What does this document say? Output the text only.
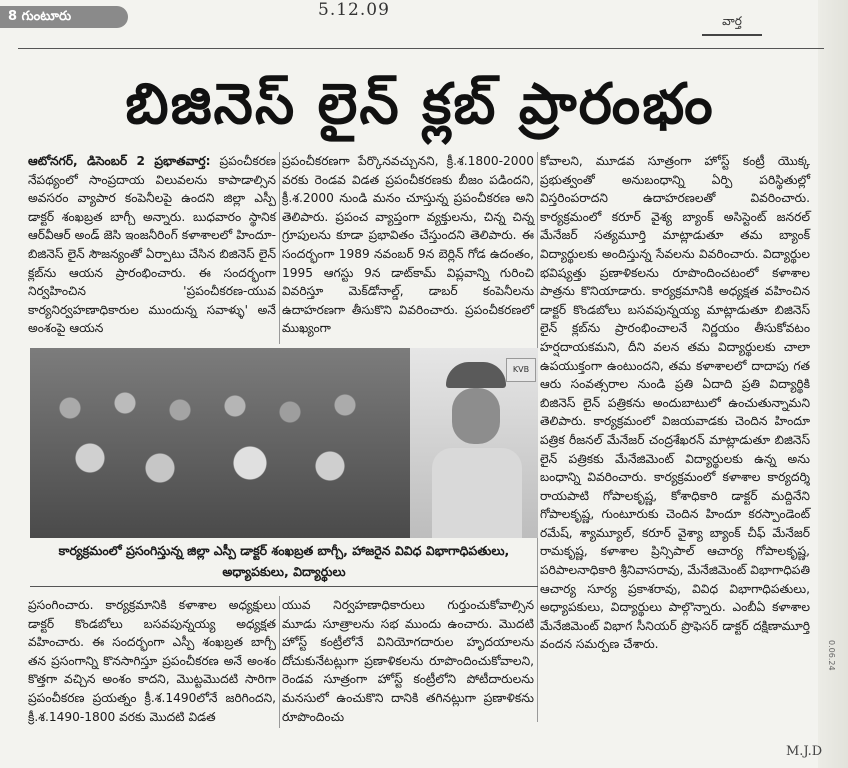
8 గుంటూరు	5.12.09
వార్త
బిజినెస్ లైన్ క్లబ్ ప్రారంభం

ఆటోనగర్, డిసెంబర్ 2 ప్రభాతవార్త: ప్రపంచీకరణ నేపథ్యంలో సాంప్రదాయ విలువలను కాపాడాల్సిన అవసరం వ్యాపార కంపెనీలపై ఉందని జిల్లా ఎస్పీ డాక్టర్ శంఖబ్రత బాగ్చీ అన్నారు. బుధవారం స్థానిక ఆర్‌వీఆర్ అండ్ జెసి ఇంజనీరింగ్ కళాశాలలో హిందూ-బిజినెస్ లైన్ సౌజన్యంతో ఏర్పాటు చేసిన బిజినెస్ లైన్ క్లబ్‌ను ఆయన ప్రారంభించారు. ఈ సందర్భంగా నిర్వహించిన 'ప్రపంచీకరణ-యువ కార్యనిర్వహణాధికారుల ముందున్న సవాళ్ళు' అనే అంశంపై ఆయన

ప్రపంచీకరణగా పేర్కొనవచ్చునని, క్రీ.శ.1800-2000 వరకు రెండవ విడత ప్రపంచీకరణకు బీజం పడిందని, క్రీ.శ.2000 నుండి మనం చూస్తున్న ప్రపంచీకరణ అని తెలిపారు. ప్రపంచ వ్యాప్తంగా వ్యక్తులను, చిన్న చిన్న గ్రూపులను కూడా ప్రభావితం చేస్తుందని తెలిపారు. ఈ సందర్భంగా 1989 నవంబర్ 9న బెర్లిన్ గోడ ఉదంతం, 1995 ఆగస్టు 9న డాట్‌కామ్ విప్లవాన్ని గురించి వివరిస్తూ మెక్‌డోనాల్డ్, డాబర్ కంపెనీలను ఉదాహరణగా తీసుకొని వివరించారు. ప్రపంచీకరణలో ముఖ్యంగా

కోవాలని, మూడవ సూత్రంగా హోస్ట్ కంట్రీ యొక్క ప్రభుత్వంతో అనుబంధాన్ని ఏర్పి పరిస్థితుల్లో విస్తరింపరాదని ఉదాహరణలతో వివరించారు. కార్యక్రమంలో కరూర్ వైశ్య బ్యాంక్ అసిస్టెంట్ జనరల్ మేనేజర్ సత్యమూర్తి మాట్లాడుతూ తమ బ్యాంక్ విద్యార్థులకు అందిస్తున్న సేవలను వివరించారు. విద్యార్థుల భవిష్యత్తు ప్రణాళికలను రూపొందించటంలో కళాశాల పాత్రను కొనియాడారు. కార్యక్రమానికి అధ్యక్షత వహించిన డాక్టర్ కొండబోలు బసవపున్నయ్య మాట్లాడుతూ బిజినెస్ లైన్ క్లబ్‌ను ప్రారంభించాలనే నిర్ణయం తీసుకోవటం హర్షదాయకమని, దీని వలన తమ విద్యార్థులకు చాలా ఉపయుక్తంగా ఉంటుందని, తమ కళాశాలలో దాదాపు గత ఆరు సంవత్సరాల నుండి ప్రతి ఏదాది ప్రతి విద్యార్థికి బిజినెస్ లైన్ పత్రికను అందుబాటులో ఉంచుతున్నామని తెలిపారు. కార్యక్రమంలో విజయవాడకు చెందిన హిందూ పత్రిక రీజనల్ మేనేజర్ చంద్రశేఖరన్ మాట్లాడుతూ బిజినెస్ లైన్ పత్రికకు మేనేజిమెంట్ విద్యార్థులకు ఉన్న అను బంధాన్ని వివరించారు. కార్యక్రమంలో కళాశాల కార్యదర్శి రాయపాటి గోపాలకృష్ణ, కోశాధికారి డాక్టర్ మద్దినేని గోపాలకృష్ణ, గుంటూరుకు చెందిన హిందూ కరస్పాండెంట్ రమేష్, శ్యామ్యూల్, కరూర్ వైశ్యా బ్యాంక్ చీఫ్ మేనేజర్ రామకృష్ణ, కళాశాల ప్రిన్సిపాల్ ఆచార్య గోపాలకృష్ణ, పరిపాలనాధికారి శ్రీనివాసరావు, మేనేజిమెంట్ విభాగాధిపతి ఆచార్య సూర్య ప్రకాశరావు, వివిధ విభాగాధిపతులు, అధ్యాపకులు, విద్యార్థులు పాల్గొన్నారు. ఎంబీఏ కళాశాల మేనేజిమెంట్ విభాగ సీనియర్ ప్రొఫెసర్ డాక్టర్ దక్షిణామూర్తి వందన సమర్పణ చేశారు.

KVB
కార్యక్రమంలో ప్రసంగిస్తున్న జిల్లా ఎస్పీ డాక్టర్ శంఖబ్రత బాగ్చీ, హాజరైన వివిధ విభాగాధిపతులు, అధ్యాపకులు, విద్యార్థులు

ప్రసంగించారు. కార్యక్రమానికి కళాశాల అధ్యక్షులు డాక్టర్ కొండబోలు బసవపున్నయ్య అధ్యక్షత వహించారు. ఈ సందర్భంగా ఎస్పీ శంఖబ్రత బాగ్చీ తన ప్రసంగాన్ని కొనసాగిస్తూ ప్రపంచీకరణ అనే అంశం కొత్తగా వచ్చిన అంశం కాదని, మొట్టమొదటి సారిగా ప్రపంచీకరణ ప్రయత్నం క్రీ.శ.1490లోనే జరిగిందని, క్రీ.శ.1490-1800 వరకు మొదటి విడత

యువ నిర్వహణాధికారులు గుర్తుంచుకోవాల్సిన మూడు సూత్రాలను సభ ముందు ఉంచారు. మొదటి హోస్ట్ కంట్రీలోనే వినియోగదారుల హృదయాలను దోచుకునేటట్లుగా ప్రణాళికలను రూపొందించుకోవాలని, రెండవ సూత్రంగా హోస్ట్ కంట్రీలోని పోటీదారులను మనసులో ఉంచుకొని దానికి తగినట్లుగా ప్రణాళికను రూపొందించు

0.06.24
M.J.D
